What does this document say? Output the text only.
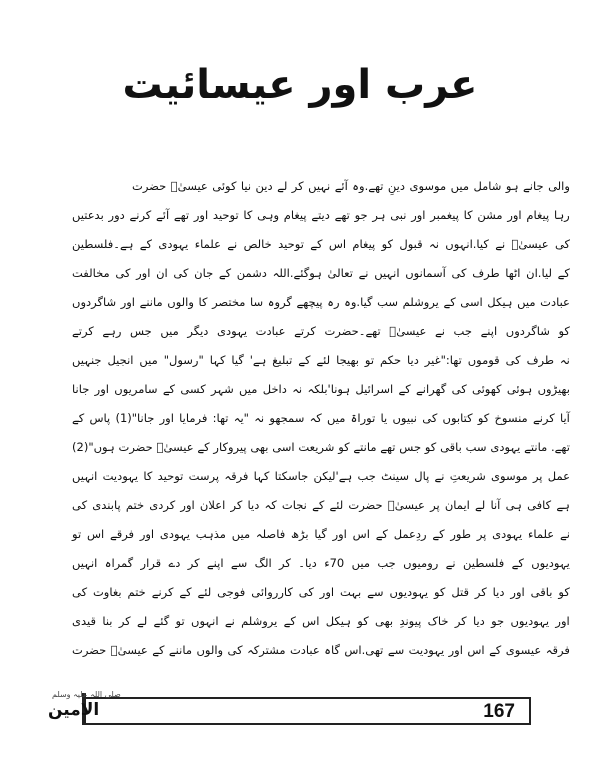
عرب اور عیسائیت
حضرت عیسیٰؑ کوئی نیا دین لے کر نہیں آئے تھے.وہ دینِ موسوی میں شامل ہو جانے والی
بدعتیں دور کرنے آئے تھے اور توحید کا وہی پیغام دیتے تھے جو ہر نبی اور پیغمبر کا مشن اور پیغام رہا
ہے۔فلسطین کے یہودی علماء نے خالص توحید کے اس پیغام کو قبول نہ کیا.انہوں نے عیسیٰؑ کی
مخالفت کی اور ان کی جان کے دشمن ہوگئے.اللہ تعالیٰ نے انہیں آسمانوں کی طرف اٹھا لیا.ان کے
شاگردوں اور ماننے والوں کا مختصر سا گروہ پیچھے رہ گیا.وہ سب یروشلم کے اسی ہیکل میں عبادت
کرتے رہے جس میں دیگر یہودی عبادت کرتے تھے۔حضرت عیسیٰؑ نے جب اپنے شاگردوں کو
جنہیں انجیل میں "رسول" کہا گیا ہے' تبلیغ کے لئے بھیجا تو حکم دیا تھا:"غیر قوموں کی طرف نہ
جانا اور سامریوں کے کسی شہر میں داخل نہ ہونا'بلکہ اسرائیل کے گھرانے کی کھوئی ہوئی بھیڑوں
کے پاس جانا"(1) اور فرمایا تھا: "یہ نہ سمجھو کہ میں توراۃ یا نبیوں کی کتابوں کو منسوخ کرنے آیا
ہوں"(2) حضرت عیسیٰؑ کے پیروکار بھی اسی شریعت کو مانتے تھے جس کو باقی سب یہودی مانتے تھے.
انہیں یہودیت کا توحید پرست فرقہ کہا جاسکتا ہے'لیکن جب سینٹ پال نے شریعتِ موسوی پر عمل
کی پابندی ختم کردی اور اعلان کر دیا کہ نجات کے لئے حضرت عیسیٰؑ پر ایمان لے آنا ہی کافی ہے
تو اس فرقے اور یہودی مذہب میں فاصلہ بڑھ گیا اور اس کے ردِعمل کے طور پر یہودی علماء نے
انہیں گمراہ قرار دے کر اپنے سے الگ کر دیا۔ 70ء میں جب رومیوں نے فلسطین کے یہودیوں
کی بغاوت ختم کرنے کے لئے فوجی کارروائی کی اور بہت سے یہودیوں کو قتل کر دیا اور باقی کو
قیدی بنا کر لے گئے تو انہوں نے یروشلم کے اس ہیکل کو بھی پیوندِ خاک کر دیا جو یہودیوں اور
حضرت عیسیٰؑ کے ماننے والوں کی مشترکہ عبادت گاہ تھی.اس سے یہودیت اور اس کے عیسوی فرقہ
167
صلی اللہ علیہ وسلم
الامین
